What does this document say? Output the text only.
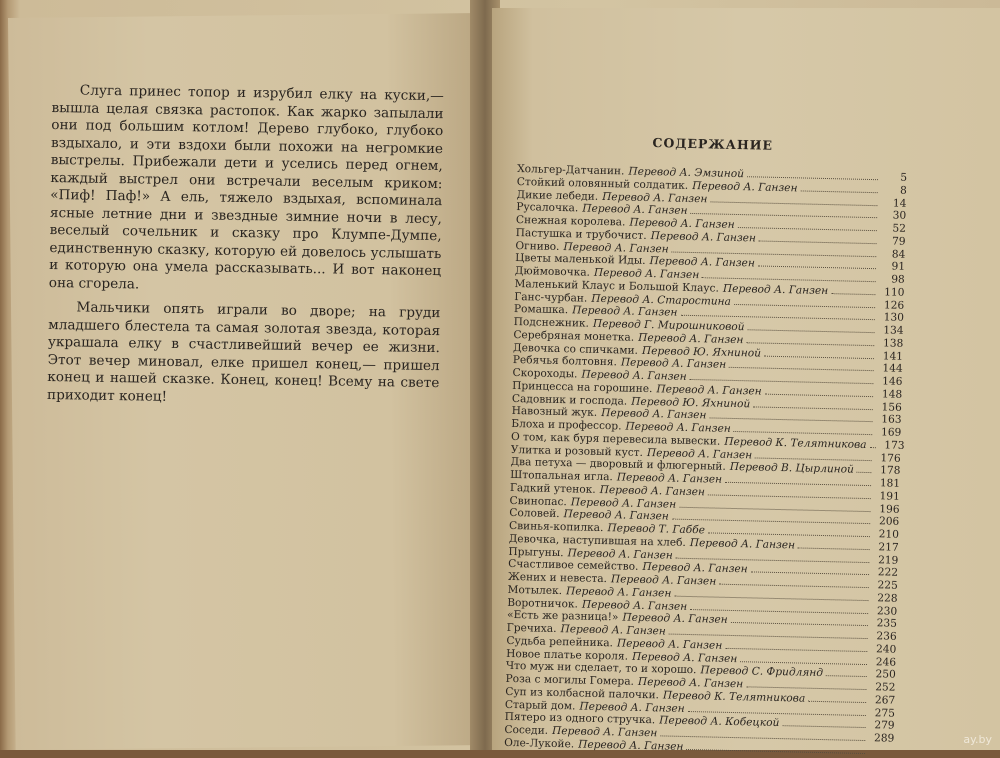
Слуга принес топор и изрубил елку на куски,— вышла целая связка растопок. Как жарко запылали они под большим котлом! Дерево глубоко, глубоко вздыхало, и эти вздохи были похожи на негромкие выстрелы. Прибежали дети и уселись перед огнем, каждый выстрел они встречали веселым криком: «Пиф! Паф!» А ель, тяжело вздыхая, вспоминала ясные летние дни и звездные зимние ночи в лесу, веселый сочельник и сказку про Клумпе-Думпе, единственную сказку, которую ей довелось услышать и которую она умела рассказывать... И вот наконец она сгорела.

Мальчики опять играли во дворе; на груди младшего блестела та самая золотая звезда, которая украшала елку в счастливейший вечер ее жизни. Этот вечер миновал, елке пришел конец,— пришел конец и нашей сказке. Конец, конец! Всему на свете приходит конец!

СОДЕРЖАНИЕ
Хольгер-Датчанин. Перевод А. Эмзиной	5
Стойкий оловянный солдатик. Перевод А. Ганзен	8
Дикие лебеди. Перевод А. Ганзен	14
Русалочка. Перевод А. Ганзен	30
Снежная королева. Перевод А. Ганзен	52
Пастушка и трубочист. Перевод А. Ганзен	79
Огниво. Перевод А. Ганзен	84
Цветы маленькой Иды. Перевод А. Ганзен	91
Дюймовочка. Перевод А. Ганзен	98
Маленький Клаус и Большой Клаус. Перевод А. Ганзен	110
Ганс-чурбан. Перевод А. Старостина	126
Ромашка. Перевод А. Ганзен	130
Подснежник. Перевод Г. Мирошниковой	134
Серебряная монетка. Перевод А. Ганзен	138
Девочка со спичками. Перевод Ю. Яхниной	141
Ребячья болтовня. Перевод А. Ганзен	144
Скороходы. Перевод А. Ганзен	146
Принцесса на горошине. Перевод А. Ганзен	148
Садовник и господа. Перевод Ю. Яхниной	156
Навозный жук. Перевод А. Ганзен	163
Блоха и профессор. Перевод А. Ганзен	169
О том, как буря перевесила вывески. Перевод К. Телятникова	173
Улитка и розовый куст. Перевод А. Ганзен	176
Два петуха — дворовый и флюгерный. Перевод В. Цырлиной	178
Штопальная игла. Перевод А. Ганзен	181
Гадкий утенок. Перевод А. Ганзен	191
Свинопас. Перевод А. Ганзен	196
Соловей. Перевод А. Ганзен	206
Свинья-копилка. Перевод Т. Габбе	210
Девочка, наступившая на хлеб. Перевод А. Ганзен	217
Прыгуны. Перевод А. Ганзен	219
Счастливое семейство. Перевод А. Ганзен	222
Жених и невеста. Перевод А. Ганзен	225
Мотылек. Перевод А. Ганзен	228
Воротничок. Перевод А. Ганзен	230
«Есть же разница!» Перевод А. Ганзен	235
Гречиха. Перевод А. Ганзен	236
Судьба репейника. Перевод А. Ганзен	240
Новое платье короля. Перевод А. Ганзен	246
Что муж ни сделает, то и хорошо. Перевод С. Фридлянд	250
Роза с могилы Гомера. Перевод А. Ганзен	252
Суп из колбасной палочки. Перевод К. Телятникова	267
Старый дом. Перевод А. Ганзен	275
Пятеро из одного стручка. Перевод А. Кобецкой	279
Соседи. Перевод А. Ганзен	289
Оле-Лукойе. Перевод А. Ганзен	ay.by
